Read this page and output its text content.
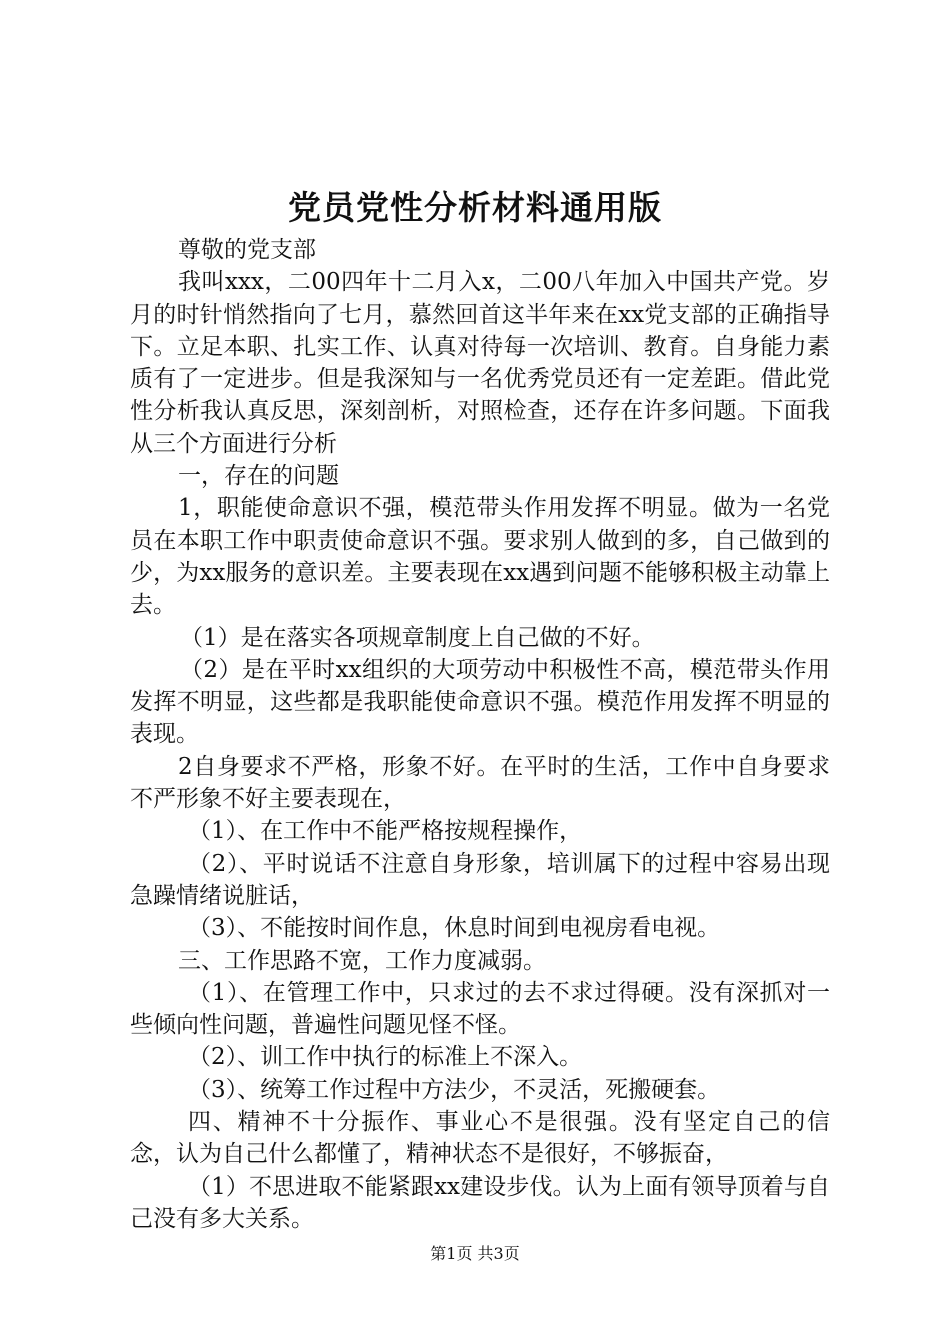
党员党性分析材料通用版

尊敬的党支部

我叫xxx，二00四年十二月入x，二00八年加入中国共产党。岁月的时针悄然指向了七月，慕然回首这半年来在xx党支部的正确指导下。立足本职、扎实工作、认真对待每一次培训、教育。自身能力素质有了一定进步。但是我深知与一名优秀党员还有一定差距。借此党性分析我认真反思，深刻剖析，对照检查，还存在许多问题。下面我从三个方面进行分析

一，存在的问题

1，职能使命意识不强，模范带头作用发挥不明显。做为一名党员在本职工作中职责使命意识不强。要求别人做到的多，自己做到的少，为xx服务的意识差。主要表现在xx遇到问题不能够积极主动靠上去。

（1）是在落实各项规章制度上自己做的不好。

（2）是在平时xx组织的大项劳动中积极性不高，模范带头作用发挥不明显，这些都是我职能使命意识不强。模范作用发挥不明显的表现。

2自身要求不严格，形象不好。在平时的生活，工作中自身要求不严形象不好主要表现在，

（1）、在工作中不能严格按规程操作，

（2）、平时说话不注意自身形象，培训属下的过程中容易出现急躁情绪说脏话，

（3）、不能按时间作息，休息时间到电视房看电视。

三、工作思路不宽，工作力度减弱。

（1）、在管理工作中，只求过的去不求过得硬。没有深抓对一些倾向性问题，普遍性问题见怪不怪。

（2）、训工作中执行的标准上不深入。

（3）、统筹工作过程中方法少，不灵活，死搬硬套。

四、精神不十分振作、事业心不是很强。没有坚定自己的信念，认为自己什么都懂了，精神状态不是很好，不够振奋，

（1）不思进取不能紧跟xx建设步伐。认为上面有领导顶着与自己没有多大关系。

第1页 共3页
